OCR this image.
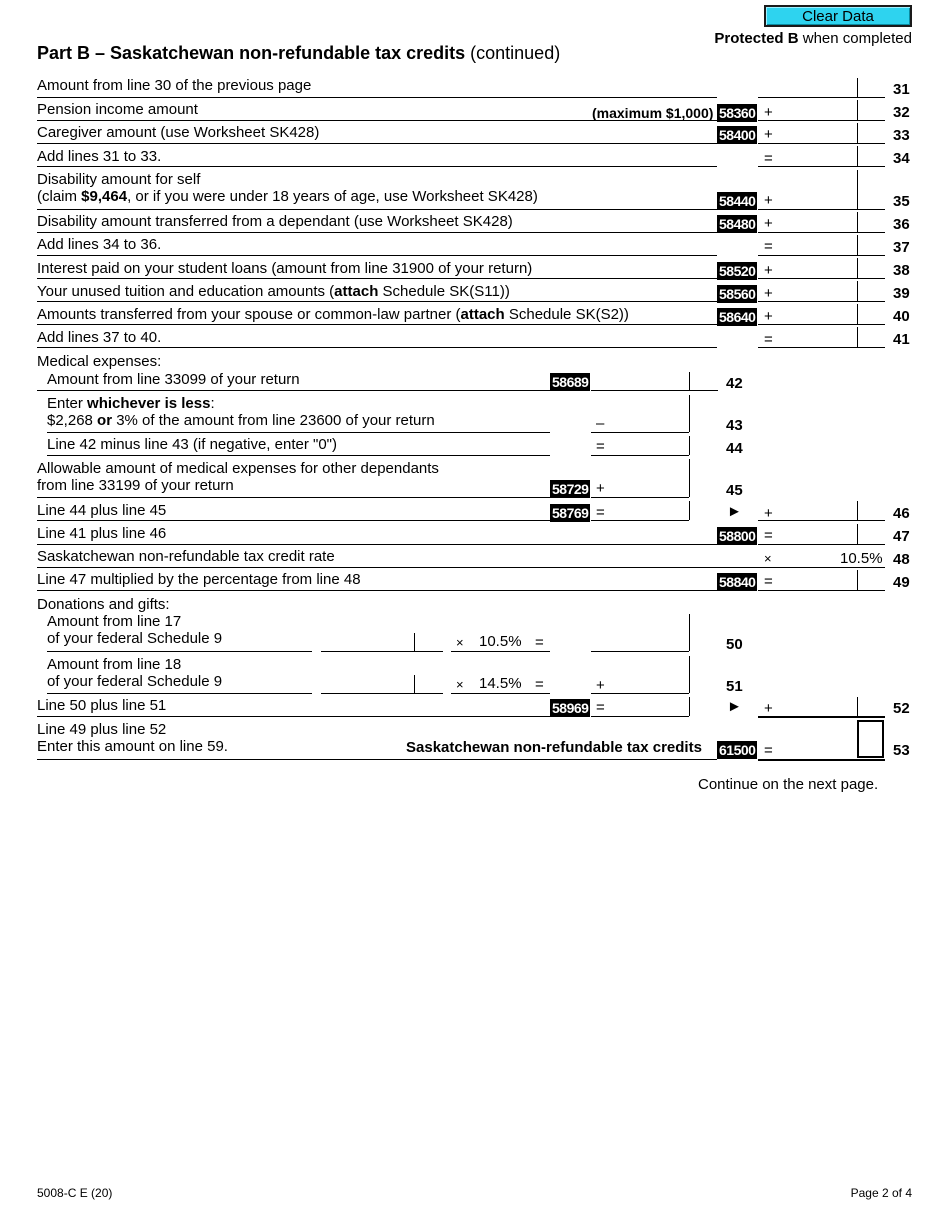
Clear Data
Protected B when completed
Part B – Saskatchewan non-refundable tax credits (continued)
Amount from line 30 of the previous page	31
Pension income amount	(maximum $1,000) 58360 +	32
Caregiver amount (use Worksheet SK428)	58400 +	33
Add lines 31 to 33.	=	34
Disability amount for self
(claim $9,464, or if you were under 18 years of age, use Worksheet SK428)	58440 +	35
Disability amount transferred from a dependant (use Worksheet SK428)	58480 +	36
Add lines 34 to 36.	=	37
Interest paid on your student loans (amount from line 31900 of your return)	58520 +	38
Your unused tuition and education amounts (attach Schedule SK(S11))	58560 +	39
Amounts transferred from your spouse or common-law partner (attach Schedule SK(S2))	58640 +	40
Add lines 37 to 40.	=	41
Medical expenses:
Amount from line 33099 of your return	58689	42
Enter whichever is less:
$2,268 or 3% of the amount from line 23600 of your return	–	43
Line 42 minus line 43 (if negative, enter "0")	=	44
Allowable amount of medical expenses for other dependants
from line 33199 of your return	58729 +	45
Line 44 plus line 45	58769 =	► +	46
Line 41 plus line 46	58800 =	47
Saskatchewan non-refundable tax credit rate	×	10.5% 48
Line 47 multiplied by the percentage from line 48	58840 =	49
Donations and gifts:
Amount from line 17
of your federal Schedule 9	× 10.5% =	50
Amount from line 18
of your federal Schedule 9	× 14.5% =	+	51
Line 50 plus line 51	58969 =	► +	52
Line 49 plus line 52
Enter this amount on line 59.	Saskatchewan non-refundable tax credits 61500 =	53
Continue on the next page.
5008-C E (20)	Page 2 of 4
